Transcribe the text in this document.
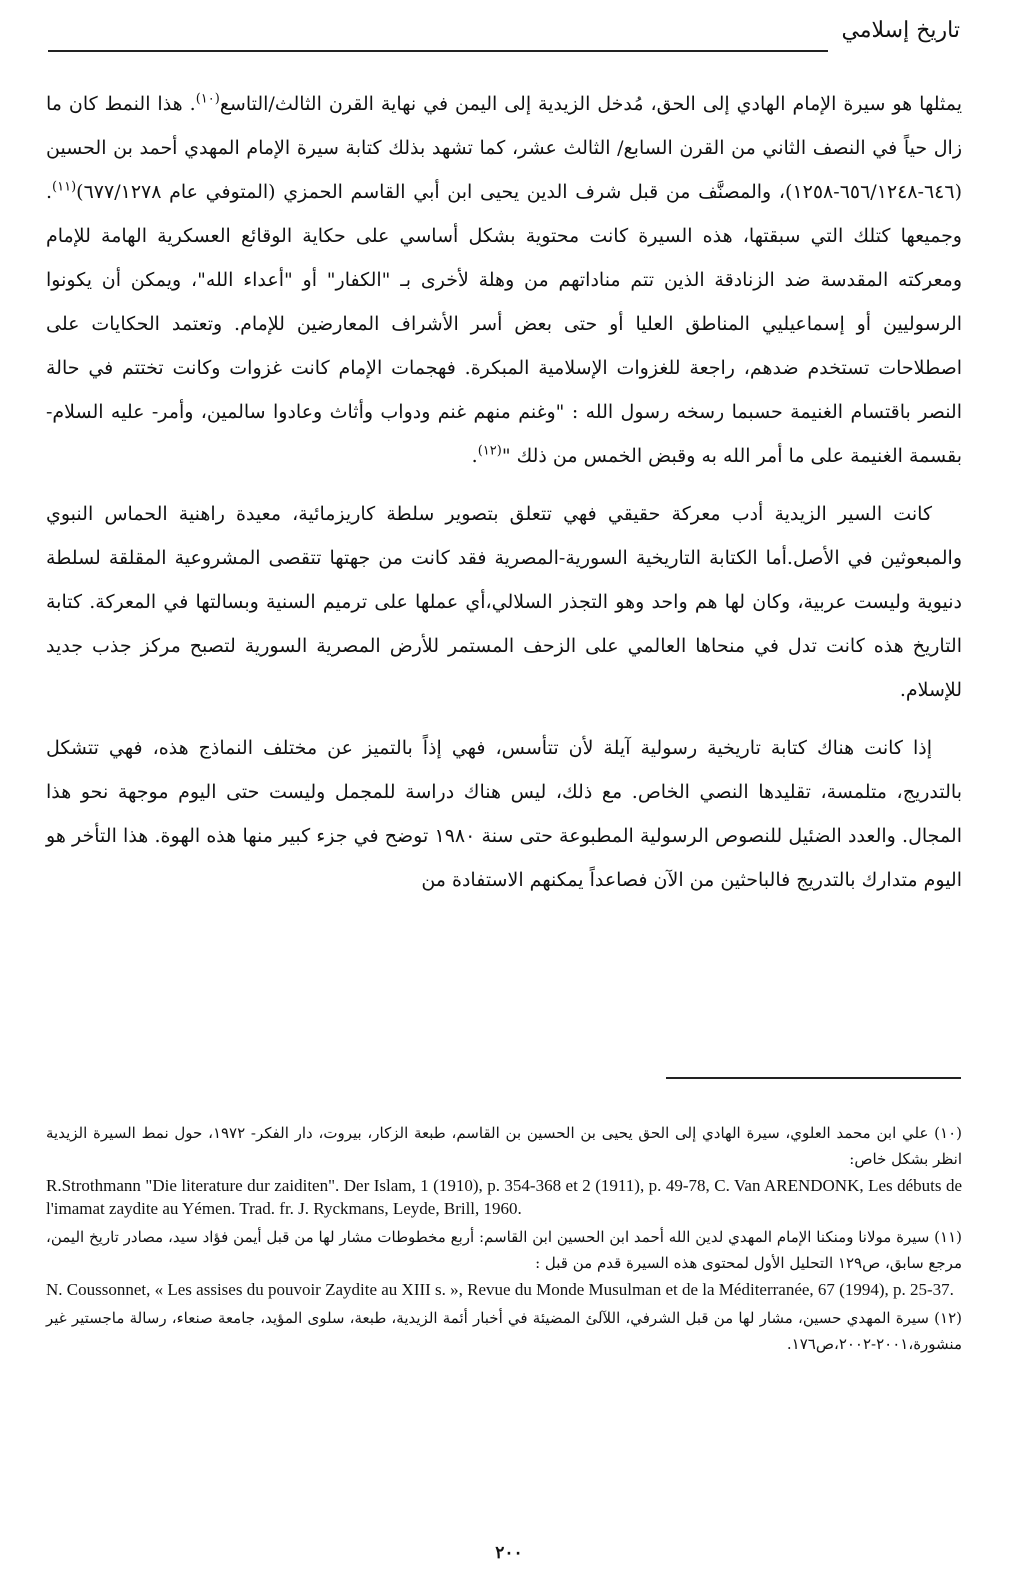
تاريخ إسلامي

يمثلها هو سيرة الإمام الهادي إلى الحق، مُدخل الزيدية إلى اليمن في نهاية القرن الثالث/التاسع$^{(١٠)}$. هذا النمط كان ما زال حياً في النصف الثاني من القرن السابع/ الثالث عشر، كما تشهد بذلك كتابة سيرة الإمام المهدي أحمد بن الحسين (٦٤٦-٦٥٦/١٢٤٨-١٢٥٨)، والمصنَّف من قبل شرف الدين يحيى ابن أبي القاسم الحمزي (المتوفي عام ٦٧٧/١٢٧٨)$^{(١١)}$. وجميعها كتلك التي سبقتها، هذه السيرة كانت محتوية بشكل أساسي على حكاية الوقائع العسكرية الهامة للإمام ومعركته المقدسة ضد الزنادقة الذين تتم مناداتهم من وهلة لأخرى بـ "الكفار" أو "أعداء الله"، ويمكن أن يكونوا الرسوليين أو إسماعيليي المناطق العليا أو حتى بعض أسر الأشراف المعارضين للإمام. وتعتمد الحكايات على اصطلاحات تستخدم ضدهم، راجعة للغزوات الإسلامية المبكرة. فهجمات الإمام كانت غزوات وكانت تختتم في حالة النصر باقتسام الغنيمة حسبما رسخه رسول الله : "وغنم منهم غنم ودواب وأثاث وعادوا سالمين، وأمر- عليه السلام- بقسمة الغنيمة على ما أمر الله به وقبض الخمس من ذلك "$^{(١٢)}$.

كانت السير الزيدية أدب معركة حقيقي فهي تتعلق بتصوير سلطة كاريزمائية، معيدة راهنية الحماس النبوي والمبعوثين في الأصل.أما الكتابة التاريخية السورية-المصرية فقد كانت من جهتها تتقصى المشروعية المقلقة لسلطة دنيوية وليست عربية، وكان لها هم واحد وهو التجذر السلالي،أي عملها على ترميم السنية وبسالتها في المعركة. كتابة التاريخ هذه كانت تدل في منحاها العالمي على الزحف المستمر للأرض المصرية السورية لتصبح مركز جذب جديد للإسلام.

إذا كانت هناك كتابة تاريخية رسولية آيلة لأن تتأسس، فهي إذاً بالتميز عن مختلف النماذج هذه، فهي تتشكل بالتدريج، متلمسة، تقليدها النصي الخاص. مع ذلك، ليس هناك دراسة للمجمل وليست حتى اليوم موجهة نحو هذا المجال. والعدد الضئيل للنصوص الرسولية المطبوعة حتى سنة ١٩٨٠ توضح في جزء كبير منها هذه الهوة. هذا التأخر هو اليوم متدارك بالتدريج فالباحثين من الآن فصاعداً يمكنهم الاستفادة من

(١٠) علي ابن محمد العلوي، سيرة الهادي إلى الحق يحيى بن الحسين بن القاسم، طبعة الزكار، بيروت، دار الفكر- ١٩٧٢، حول نمط السيرة الزيدية انظر بشكل خاص:

R.Strothmann "Die literature dur zaiditen". Der Islam, 1 (1910), p. 354-368 et 2 (1911), p. 49-78, C. Van ARENDONK, Les débuts de l'imamat zaydite au Yémen. Trad. fr. J. Ryckmans, Leyde, Brill, 1960.

(١١) سيرة مولانا ومنكنا الإمام المهدي لدين الله أحمد ابن الحسين ابن القاسم: أربع مخطوطات مشار لها من قبل أيمن فؤاد سيد، مصادر تاريخ اليمن، مرجع سابق، ص١٢٩ التحليل الأول لمحتوى هذه السيرة قدم من قبل :

N. Coussonnet, « Les assises du pouvoir Zaydite au XIII s. », Revue du Monde Musulman et de la Méditerranée, 67 (1994), p. 25-37.

(١٢) سيرة المهدي حسين، مشار لها من قبل الشرفي، اللآلئ المضيئة في أخبار أئمة الزيدية، طبعة، سلوى المؤيد، جامعة صنعاء، رسالة ماجستير غير منشورة،٢٠٠١-٢٠٠٢،ص١٧٦.

٢٠٠
